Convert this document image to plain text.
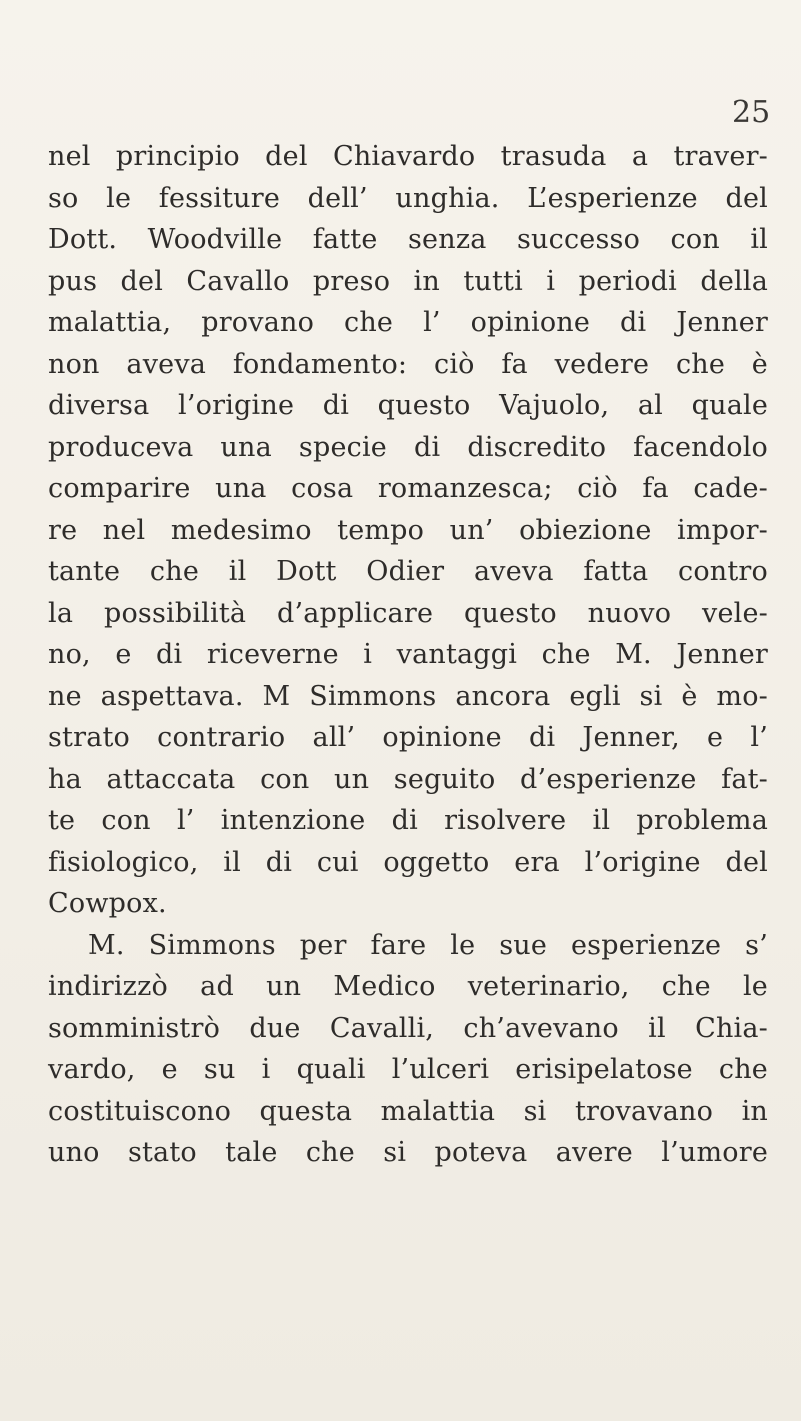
25
nel principio del Chiavardo trasuda a traver-
so le fessiture dell’ unghia. L’esperienze del
Dott. Woodville fatte senza successo con il
pus del Cavallo preso in tutti i periodi della
malattia, provano che l’ opinione di Jenner
non aveva fondamento: ciò fa vedere che è
diversa l’origine di questo Vajuolo, al quale
produceva una specie di discredito facendolo
comparire una cosa romanzesca; ciò fa cade-
re nel medesimo tempo un’ obiezione impor-
tante che il Dott Odier aveva fatta contro
la possibilità d’applicare questo nuovo vele-
no, e di riceverne i vantaggi che M. Jenner
ne aspettava. M Simmons ancora egli si è mo-
strato contrario all’ opinione di Jenner, e l’
ha attaccata con un seguito d’esperienze fat-
te con l’ intenzione di risolvere il problema
fisiologico, il di cui oggetto era l’origine del
Cowpox.
M. Simmons per fare le sue esperienze s’
indirizzò ad un Medico veterinario, che le
somministrò due Cavalli, ch’avevano il Chia-
vardo, e su i quali l’ulceri erisipelatose che
costituiscono questa malattia si trovavano in
uno stato tale che si poteva avere l’umore
